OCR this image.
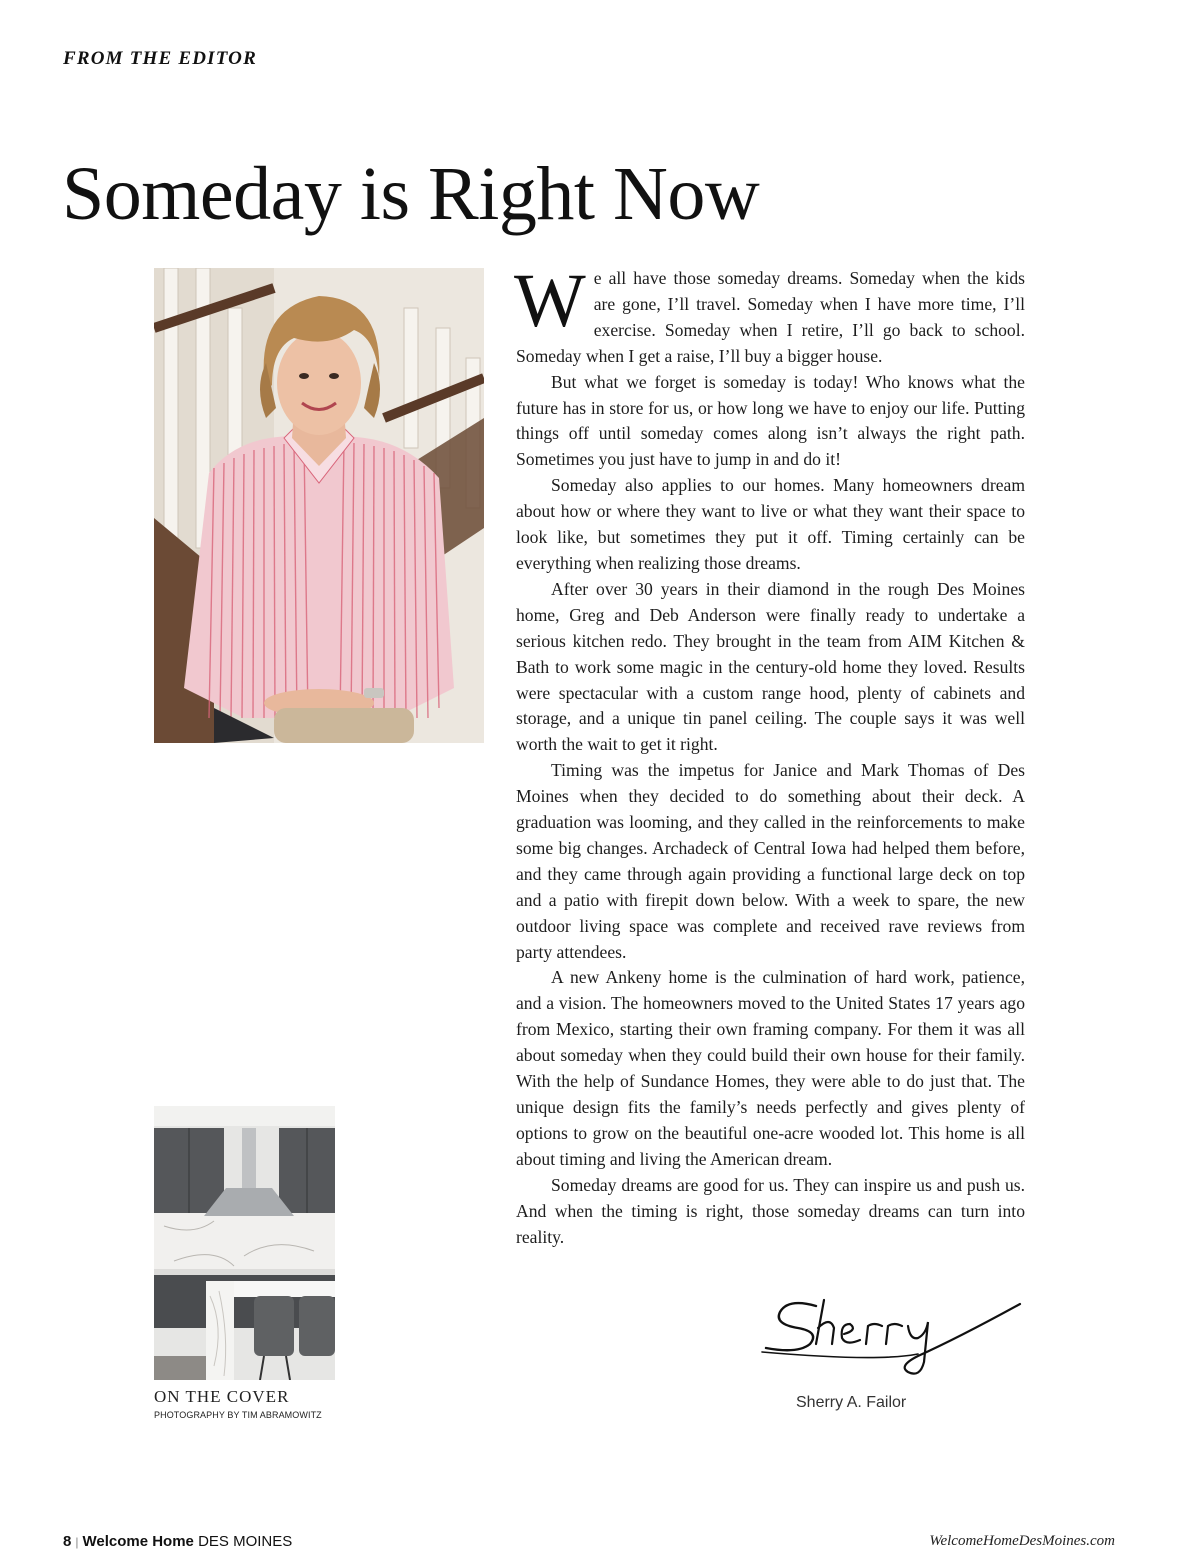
FROM THE EDITOR
Someday is Right Now

We all have those someday dreams. Someday when the kids are gone, I’ll travel. Someday when I have more time, I’ll exercise. Someday when I retire, I’ll go back to school. Someday when I get a raise, I’ll buy a bigger house.

But what we forget is someday is today! Who knows what the future has in store for us, or how long we have to enjoy our life. Putting things off until someday comes along isn’t always the right path. Sometimes you just have to jump in and do it!

Someday also applies to our homes. Many homeowners dream about how or where they want to live or what they want their space to look like, but sometimes they put it off. Timing certainly can be everything when realizing those dreams.

After over 30 years in their diamond in the rough Des Moines home, Greg and Deb Anderson were finally ready to undertake a serious kitchen redo. They brought in the team from AIM Kitchen & Bath to work some magic in the century-old home they loved. Results were spectacular with a custom range hood, plenty of cabinets and storage, and a unique tin panel ceiling. The couple says it was well worth the wait to get it right.

Timing was the impetus for Janice and Mark Thomas of Des Moines when they decided to do something about their deck. A graduation was looming, and they called in the reinforcements to make some big changes. Archadeck of Central Iowa had helped them before, and they came through again providing a functional large deck on top and a patio with firepit down below. With a week to spare, the new outdoor living space was complete and received rave reviews from party attendees.

A new Ankeny home is the culmination of hard work, patience, and a vision. The homeowners moved to the United States 17 years ago from Mexico, starting their own framing company. For them it was all about someday when they could build their own house for their family. With the help of Sundance Homes, they were able to do just that. The unique design fits the family’s needs perfectly and gives plenty of options to grow on the beautiful one-acre wooded lot. This home is all about timing and living the American dream.

Someday dreams are good for us. They can inspire us and push us. And when the timing is right, those someday dreams can turn into reality.

ON THE COVER
PHOTOGRAPHY BY TIM ABRAMOWITZ
Sherry A. Failor
8 | Welcome Home DES MOINES	WelcomeHomeDesMoines.com
